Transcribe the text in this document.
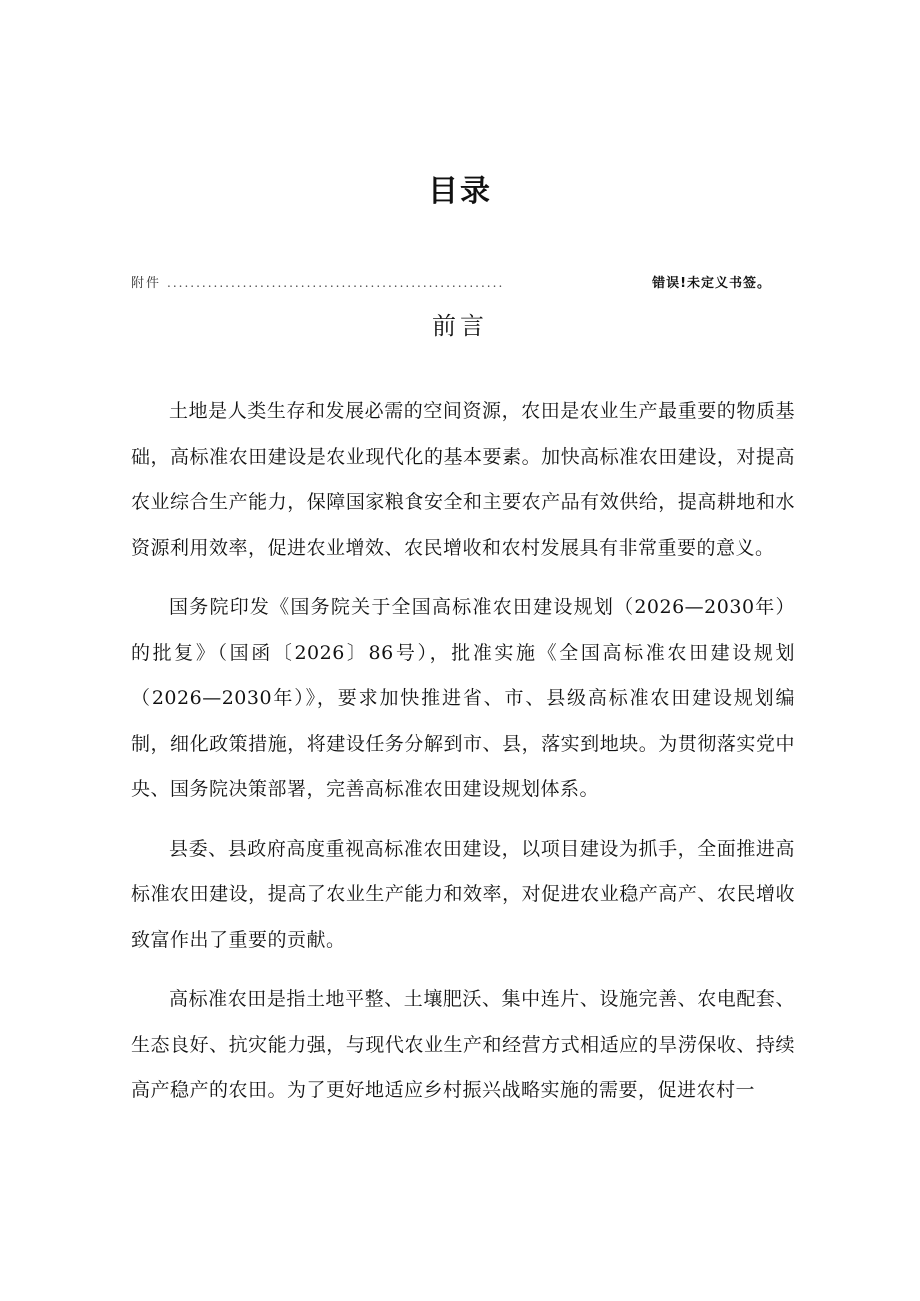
目录
附件 ..........................................................	错误!未定义书签。
前言

土地是人类生存和发展必需的空间资源，农田是农业生产最重要的物质基础，高标准农田建设是农业现代化的基本要素。加快高标准农田建设，对提高农业综合生产能力，保障国家粮食安全和主要农产品有效供给，提高耕地和水资源利用效率，促进农业增效、农民增收和农村发展具有非常重要的意义。

国务院印发《国务院关于全国高标准农田建设规划（2026—2030年）的批复》（国函〔2026〕86号），批准实施《全国高标准农田建设规划（2026—2030年）》，要求加快推进省、市、县级高标准农田建设规划编制，细化政策措施，将建设任务分解到市、县，落实到地块。为贯彻落实党中央、国务院决策部署，完善高标准农田建设规划体系。

县委、县政府高度重视高标准农田建设，以项目建设为抓手，全面推进高标准农田建设，提高了农业生产能力和效率，对促进农业稳产高产、农民增收致富作出了重要的贡献。

高标准农田是指土地平整、土壤肥沃、集中连片、设施完善、农电配套、生态良好、抗灾能力强，与现代农业生产和经营方式相适应的旱涝保收、持续高产稳产的农田。为了更好地适应乡村振兴战略实施的需要，促进农村一
